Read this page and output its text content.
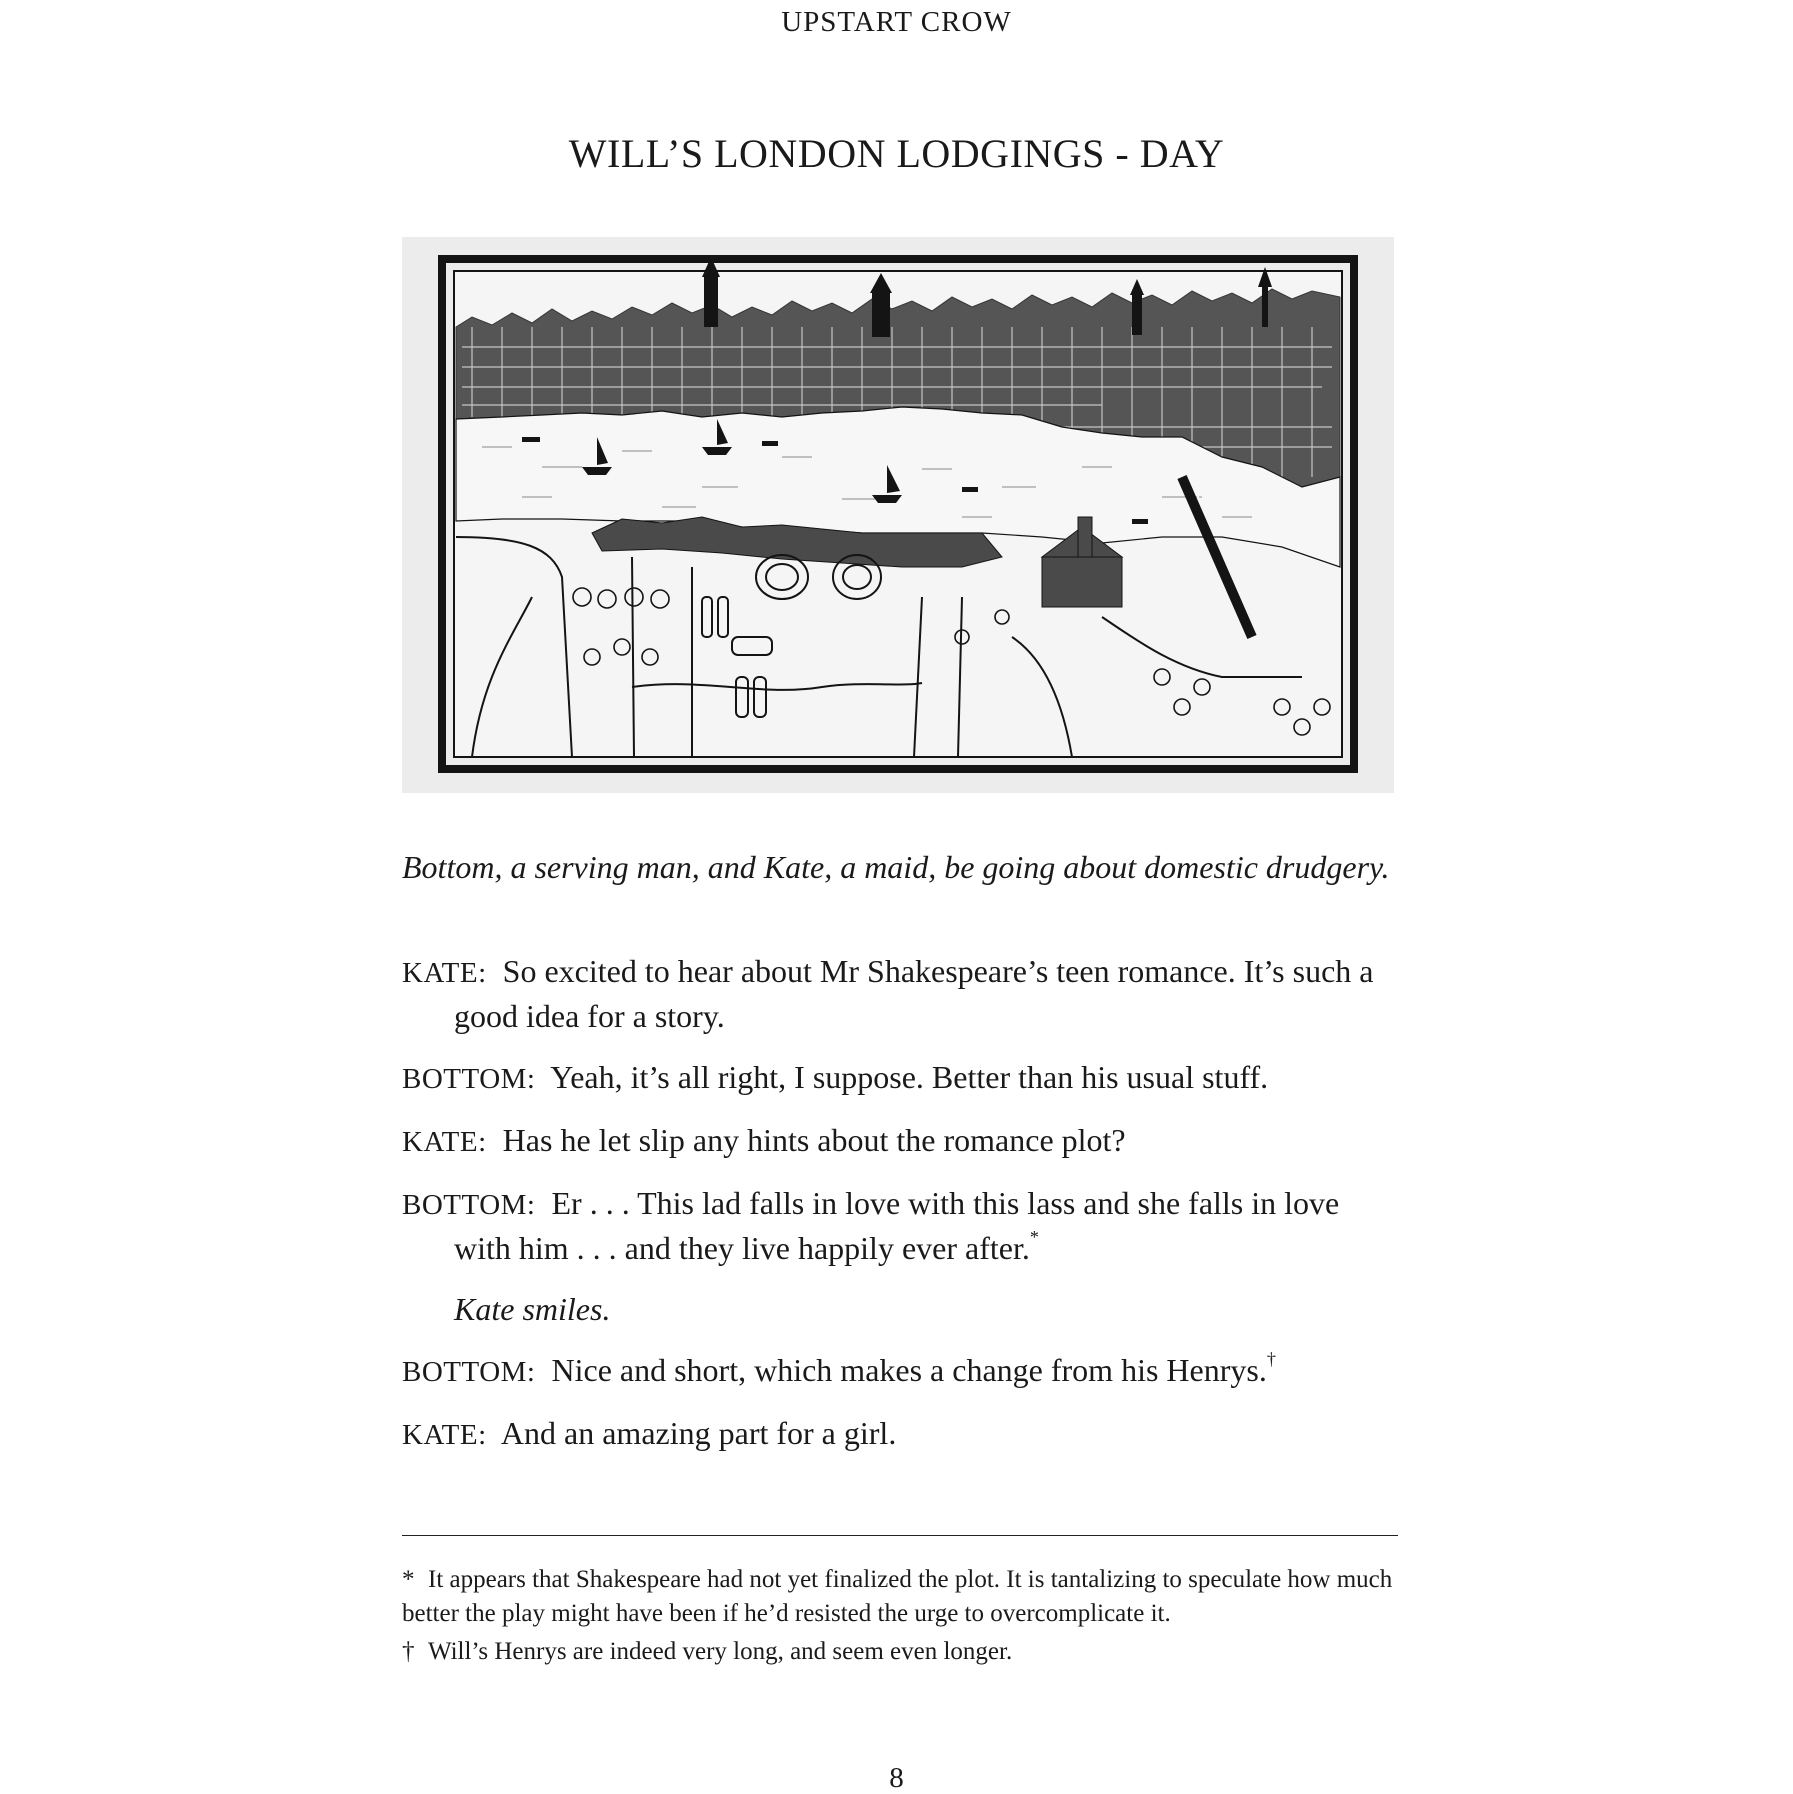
UPSTART CROW
WILL’S LONDON LODGINGS - DAY
Bottom, a serving man, and Kate, a maid, be going about domestic drudgery.
KATE: So excited to hear about Mr Shakespeare’s teen romance. It’s such a good idea for a story.
BOTTOM: Yeah, it’s all right, I suppose. Better than his usual stuff.
KATE: Has he let slip any hints about the romance plot?
BOTTOM: Er . . . This lad falls in love with this lass and she falls in love with him . . . and they live happily ever after.*
Kate smiles.
BOTTOM: Nice and short, which makes a change from his Henrys.†
KATE: And an amazing part for a girl.
* It appears that Shakespeare had not yet finalized the plot. It is tantalizing to speculate how much better the play might have been if he’d resisted the urge to overcomplicate it.
† Will’s Henrys are indeed very long, and seem even longer.
8
